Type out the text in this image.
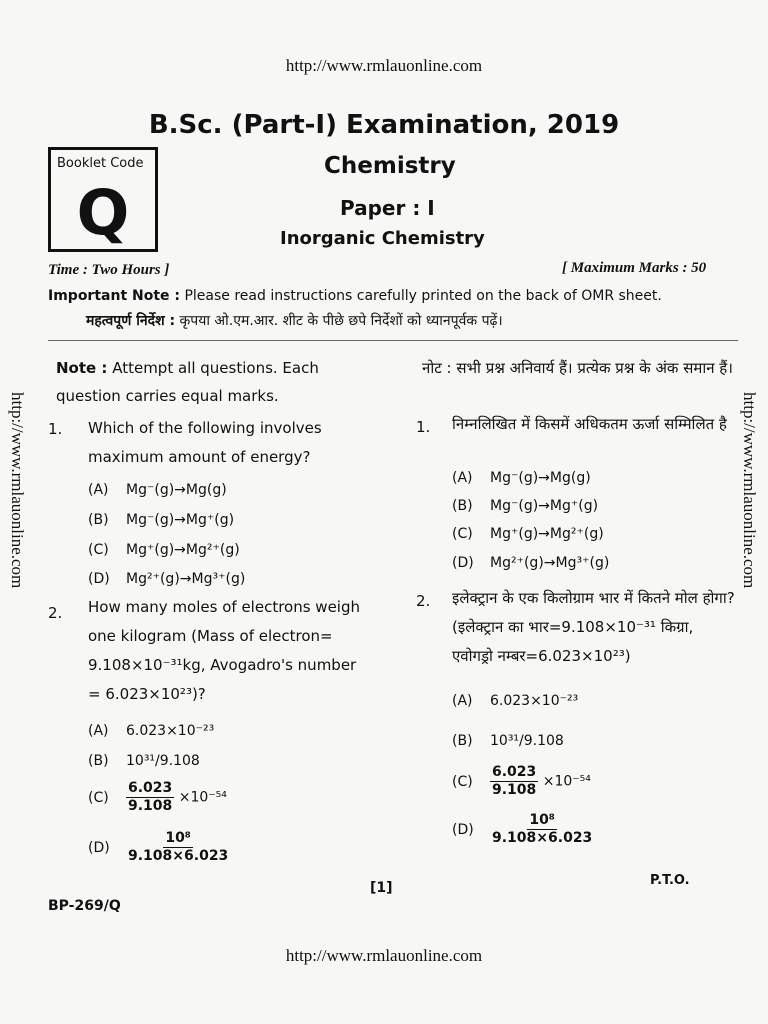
http://www.rmlauonline.com
http://www.rmlauonline.com	http://www.rmlauonline.com
B.Sc. (Part-I) Examination, 2019
Booklet Code
Q
Chemistry
Paper : I
Inorganic Chemistry
Time : Two Hours ]	[ Maximum Marks : 50
Important Note : Please read instructions carefully printed on the back of OMR sheet.
महत्वपूर्ण निर्देश : कृपया ओ.एम.आर. शीट के पीछे छपे निर्देशों को ध्यानपूर्वक पढ़ें।
Note : Attempt all questions. Each question carries equal marks.
नोट : सभी प्रश्न अनिवार्य हैं। प्रत्येक प्रश्न के अंक समान हैं।
1. Which of the following involves maximum amount of energy?
(A) Mg⁻(g)→Mg(g)
(B) Mg⁻(g)→Mg⁺(g)
(C) Mg⁺(g)→Mg²⁺(g)
(D) Mg²⁺(g)→Mg³⁺(g)
2. How many moles of electrons weigh one kilogram (Mass of electron= 9.108×10⁻³¹kg, Avogadro's number = 6.023×10²³)?
(A) 6.023×10⁻²³
(B) 10³¹/9.108
$(C) \frac{6.023}{9.108} \times 10^{-54}$
$(D) \frac{\text{10⁸}}{9.108\times 6.023}$
1. निम्नलिखित में किसमें अधिकतम ऊर्जा सम्मिलित है
(A) Mg⁻(g)→Mg(g)
(B) Mg⁻(g)→Mg⁺(g)
(C) Mg⁺(g)→Mg²⁺(g)
(D) Mg²⁺(g)→Mg³⁺(g)
2. इलेक्ट्रान के एक किलोग्राम भार में कितने मोल होगा? (इलेक्ट्रान का भार=9.108×10⁻³¹ किग्रा, एवोगड्रो नम्बर=6.023×10²³)
(A) 6.023×10⁻²³
(B) 10³¹/9.108
$(C) \frac{6.023}{9.108} \times 10^{-54}$
$(D) \frac{\text{10⁸}}{9.108\times 6.023}$
[1]	P.T.O.
BP-269/Q
http://www.rmlauonline.com
